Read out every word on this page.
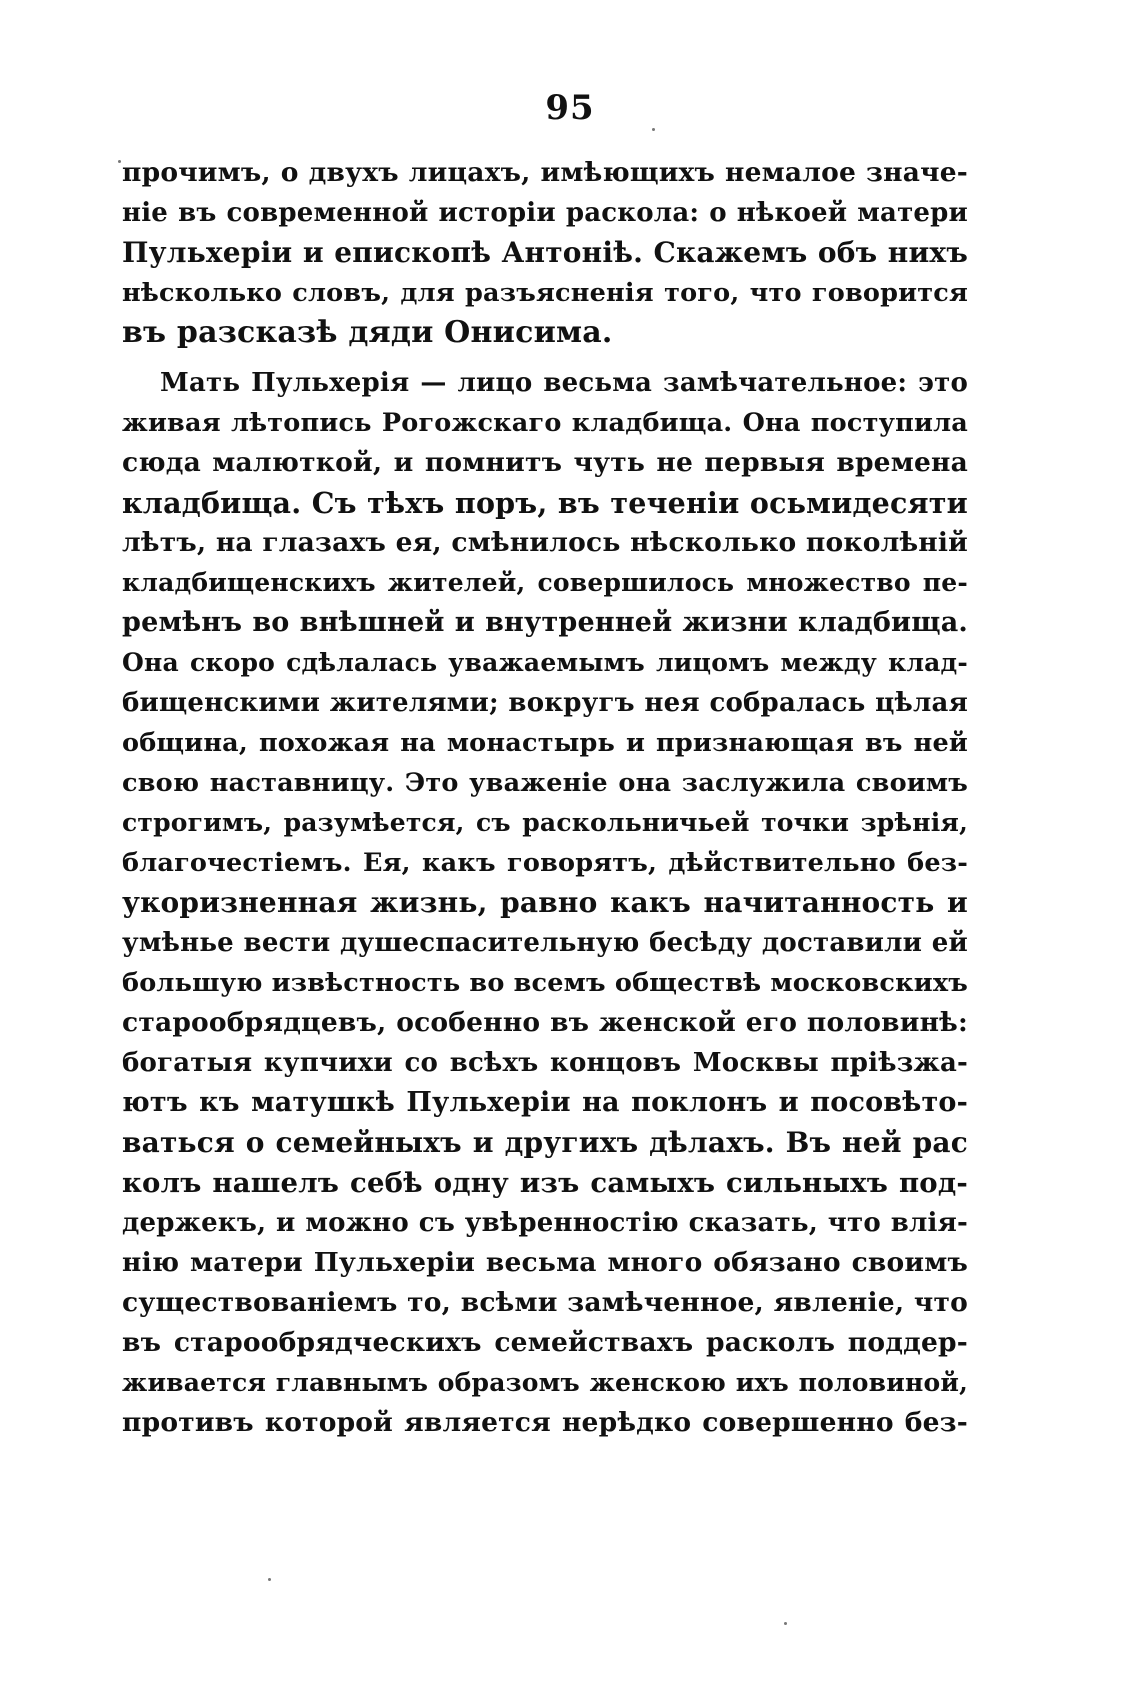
95
прочимъ, о двухъ лицахъ, имѣющихъ немалое значе-
ніе въ современной исторіи раскола: о нѣкоей матери
Пульхеріи и епископѣ Антоніѣ. Скажемъ объ нихъ
нѣсколько словъ, для разъясненія того, что говорится
въ разсказѣ дяди Онисима.
Мать Пульхерія — лицо весьма замѣчательное: это
живая лѣтопись Рогожскаго кладбища. Она поступила
сюда малюткой, и помнитъ чуть не первыя времена
кладбища. Съ тѣхъ поръ, въ теченіи осьмидесяти
лѣтъ, на глазахъ ея, смѣнилось нѣсколько поколѣній
кладбищенскихъ жителей, совершилось множество пе-
ремѣнъ во внѣшней и внутренней жизни кладбища.
Она скоро сдѣлалась уважаемымъ лицомъ между клад-
бищенскими жителями; вокругъ нея собралась цѣлая
община, похожая на монастырь и признающая въ ней
свою наставницу. Это уваженіе она заслужила своимъ
строгимъ, разумѣется, съ раскольничьей точки зрѣнія,
благочестіемъ. Ея, какъ говорятъ, дѣйствительно без-
укоризненная жизнь, равно какъ начитанность и
умѣнье вести душеспасительную бесѣду доставили ей
большую извѣстность во всемъ обществѣ московскихъ
старообрядцевъ, особенно въ женской его половинѣ:
богатыя купчихи со всѣхъ концовъ Москвы пріѣзжа-
ютъ къ матушкѣ Пульхеріи на поклонъ и посовѣто-
ваться о семейныхъ и другихъ дѣлахъ. Въ ней рас
колъ нашелъ себѣ одну изъ самыхъ сильныхъ под-
держекъ, и можно съ увѣренностію сказать, что влія-
нію матери Пульхеріи весьма много обязано своимъ
существованіемъ то, всѣми замѣченное, явленіе, что
въ старообрядческихъ семействахъ расколъ поддер-
живается главнымъ образомъ женскою ихъ половиной,
противъ которой является нерѣдко совершенно без-
